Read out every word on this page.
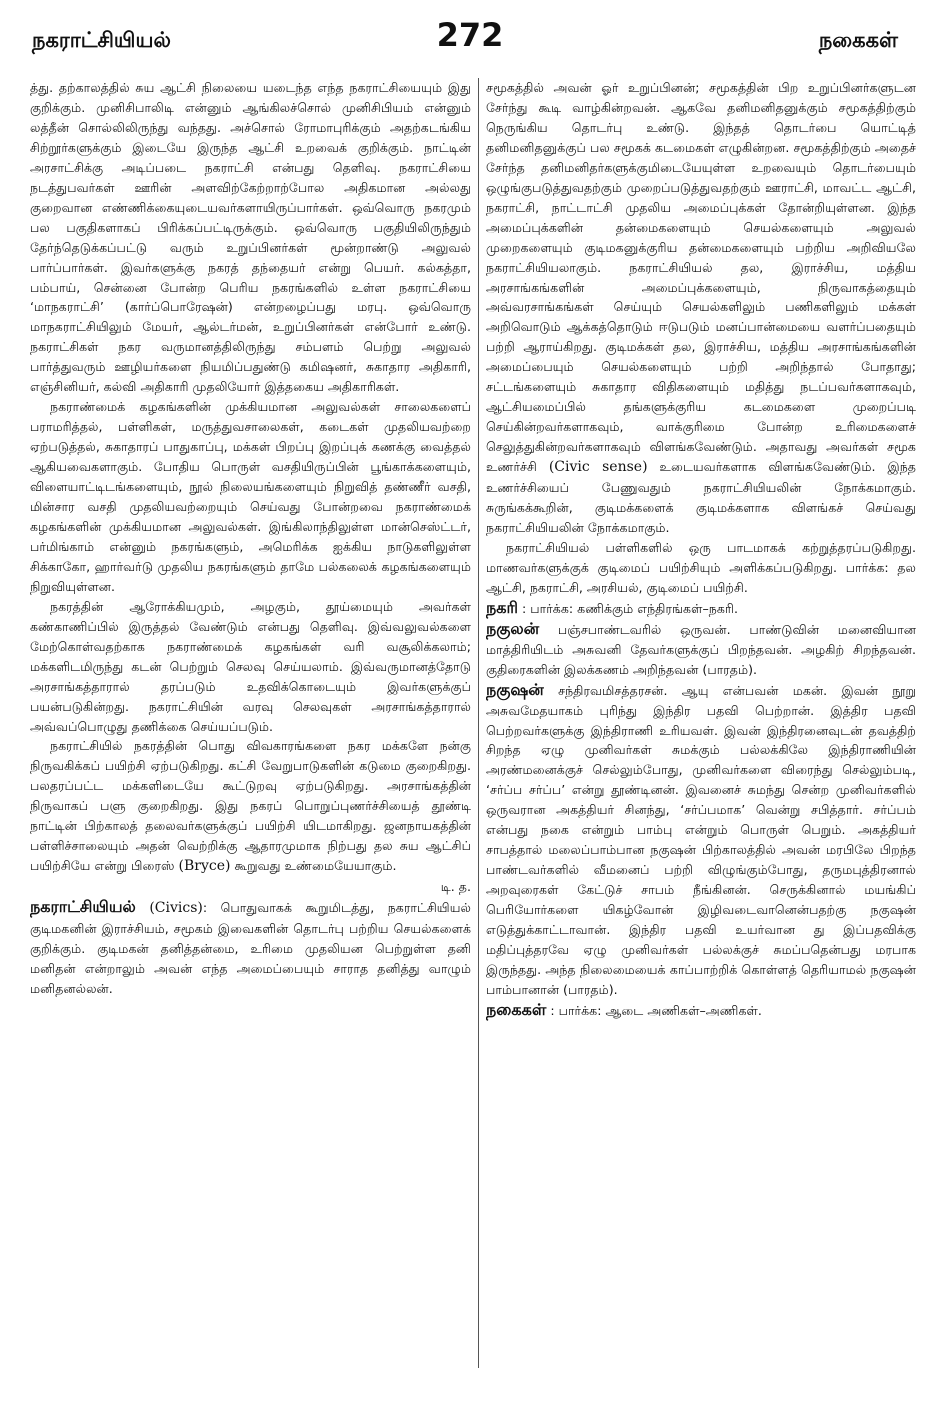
நகராட்சியியல்	272	நகைகள்

த்து. தற்காலத்தில் சுய ஆட்சி நிலையை யடைந்த எந்த நகராட்சியையும் இது குறிக்கும். முனிசிபாலிடி என்னும் ஆங்கிலச்சொல் முனிசிபியம் என்னும் லத்தீன் சொல்லிலிருந்து வந்தது. அச்சொல் ரோமாபுரிக்கும் அதற்கடங்கிய சிற்றூர்களுக்கும் இடையே இருந்த ஆட்சி உறவைக் குறிக்கும். நாட்டின் அரசாட்சிக்கு அடிப்படை நகராட்சி என்பது தெளிவு. நகராட்சியை நடத்துபவர்கள் ஊரின் அளவிற்கேற்றாற்போல அதிகமான அல்லது குறைவான எண்ணிக்கையுடையவர்களாயிருப்பார்கள். ஒவ்வொரு நகரமும் பல பகுதிகளாகப் பிரிக்கப்பட்டிருக்கும். ஒவ்வொரு பகுதியிலிருந்தும் தேர்ந்தெடுக்கப்பட்டு வரும் உறுப்பினர்கள் மூன்றாண்டு அலுவல் பார்ப்பார்கள். இவர்களுக்கு நகரத் தந்தையர் என்று பெயர். கல்கத்தா, பம்பாய், சென்னை போன்ற பெரிய நகரங்களில் உள்ள நகராட்சியை ‘மாநகராட்சி’ (கார்ப்பொரேஷன்) என்றழைப்பது மரபு. ஒவ்வொரு மாநகராட்சியிலும் மேயர், ஆல்டர்மன், உறுப்பினர்கள் என்போர் உண்டு. நகராட்சிகள் நகர வருமானத்திலிருந்து சம்பளம் பெற்று அலுவல் பார்த்துவரும் ஊழியர்களை நியமிப்பதுண்டு கமிஷனர், சுகாதார அதிகாரி, எஞ்சினியர், கல்வி அதிகாரி முதலியோர் இத்தகைய அதிகாரிகள்.

நகராண்மைக் கழகங்களின் முக்கியமான அலுவல்கள் சாலைகளைப் பராமரித்தல், பள்ளிகள், மருத்துவசாலைகள், கடைகள் முதலியவற்றை ஏற்படுத்தல், சுகாதாரப் பாதுகாப்பு, மக்கள் பிறப்பு இறப்புக் கணக்கு வைத்தல் ஆகியவைகளாகும். போதிய பொருள் வசதியிருப்பின் பூங்காக்களையும், விளையாட்டிடங்களையும், நூல் நிலையங்களையும் நிறுவித் தண்ணீர் வசதி, மின்சார வசதி முதலியவற்றையும் செய்வது போன்றவை நகராண்மைக் கழகங்களின் முக்கியமான அலுவல்கள். இங்கிலாந்திலுள்ள மான்செஸ்ட்டர், பர்மிங்காம் என்னும் நகரங்களும், அமெரிக்க ஐக்கிய நாடுகளிலுள்ள சிக்காகோ, ஹார்வர்டு முதலிய நகரங்களும் தாமே பல்கலைக் கழகங்களையும் நிறுவியுள்ளன.

நகரத்தின் ஆரோக்கியமும், அழகும், தூய்மையும் அவர்கள் கண்காணிப்பில் இருத்தல் வேண்டும் என்பது தெளிவு. இவ்வலுவல்களை மேற்கொள்வதற்காக நகராண்மைக் கழகங்கள் வரி வசூலிக்கலாம்; மக்களிடமிருந்து கடன் பெற்றும் செலவு செய்யலாம். இவ்வருமானத்தோடு அரசாங்கத்தாரால் தரப்படும் உதவிக்கொடையும் இவர்களுக்குப் பயன்படுகின்றது. நகராட்சியின் வரவு செலவுகள் அரசாங்கத்தாரால் அவ்வப்பொழுது தணிக்கை செய்யப்படும்.

நகராட்சியில் நகரத்தின் பொது விவகாரங்களை நகர மக்களே நன்கு நிருவகிக்கப் பயிற்சி ஏற்படுகிறது. கட்சி வேறுபாடுகளின் கடுமை குறைகிறது. பலதரப்பட்ட மக்களிடையே கூட்டுறவு ஏற்படுகிறது. அரசாங்கத்தின் நிருவாகப் பளு குறைகிறது. இது நகரப் பொறுப்புணர்ச்சியைத் தூண்டி நாட்டின் பிற்காலத் தலைவர்களுக்குப் பயிற்சி யிடமாகிறது. ஜனநாயகத்தின் பள்ளிச்சாலையும் அதன் வெற்றிக்கு ஆதாரமுமாக நிற்பது தல சுய ஆட்சிப் பயிற்சியே என்று பிரைஸ் (Bryce) கூறுவது உண்மையேயாகும்.
டி. த.

நகராட்சியியல் (Civics): பொதுவாகக் கூறுமிடத்து, நகராட்சியியல் குடிமகனின் இராச்சியம், சமூகம் இவைகளின் தொடர்பு பற்றிய செயல்களைக் குறிக்கும். குடிமகன் தனித்தன்மை, உரிமை முதலியன பெற்றுள்ள தனி மனிதன் என்றாலும் அவன் எந்த அமைப்பையும் சாராத தனித்து வாழும் மனிதனல்லன்.

சமூகத்தில் அவன் ஓர் உறுப்பினன்; சமூகத்தின் பிற உறுப்பினர்களுடன சேர்ந்து கூடி வாழ்கின்றவன். ஆகவே தனிமனிதனுக்கும் சமூகத்திற்கும் நெருங்கிய தொடர்பு உண்டு. இந்தத் தொடர்பை யொட்டித் தனிமனிதனுக்குப் பல சமூகக் கடமைகள் எழுகின்றன. சமூகத்திற்கும் அதைச் சேர்ந்த தனிமனிதர்களுக்குமிடையேயுள்ள உறவையும் தொடர்பையும் ஒழுங்குபடுத்துவதற்கும் முறைப்படுத்துவதற்கும் ஊராட்சி, மாவட்ட ஆட்சி, நகராட்சி, நாட்டாட்சி முதலிய அமைப்புக்கள் தோன்றியுள்ளன. இந்த அமைப்புக்களின் தன்மைகளையும் செயல்களையும் அலுவல் முறைகளையும் குடிமகனுக்குரிய தன்மைகளையும் பற்றிய அறிவியலே நகராட்சியியலாகும். நகராட்சியியல் தல, இராச்சிய, மத்திய அரசாங்கங்களின் அமைப்புக்களையும், நிருவாகத்தையும் அவ்வரசாங்கங்கள் செய்யும் செயல்களிலும் பணிகளிலும் மக்கள் அறிவொடும் ஆக்கத்தொடும் ஈடுபடும் மனப்பான்மையை வளர்ப்பதையும் பற்றி ஆராய்கிறது. குடிமக்கள் தல, இராச்சிய, மத்திய அரசாங்கங்களின் அமைப்பையும் செயல்களையும் பற்றி அறிந்தால் போதாது; சட்டங்களையும் சுகாதார விதிகளையும் மதித்து நடப்பவர்களாகவும், ஆட்சியமைப்பில் தங்களுக்குரிய கடமைகளை முறைப்படி செய்கின்றவர்களாகவும், வாக்குரிமை போன்ற உரிமைகளைச் செலுத்துகின்றவர்களாகவும் விளங்கவேண்டும். அதாவது அவர்கள் சமூக உணர்ச்சி (Civic sense) உடையவர்களாக விளங்கவேண்டும். இந்த உணர்ச்சியைப் பேணுவதும் நகராட்சியியலின் நோக்கமாகும். சுருங்கக்கூறின், குடிமக்களைக் குடிமக்களாக விளங்கச் செய்வது நகராட்சியியலின் நோக்கமாகும்.

நகராட்சியியல் பள்ளிகளில் ஒரு பாடமாகக் கற்றுத்தரப்படுகிறது. மாணவர்களுக்குக் குடிமைப் பயிற்சியும் அளிக்கப்படுகிறது. பார்க்க: தல ஆட்சி, நகராட்சி, அரசியல், குடிமைப் பயிற்சி.

நகரி : பார்க்க: கணிக்கும் எந்திரங்கள்–நகரி.

நகுலன் பஞ்சபாண்டவரில் ஒருவன். பாண்டுவின் மனைவியான மாத்திரியிடம் அசுவனி தேவர்களுக்குப் பிறந்தவன். அழகிற் சிறந்தவன். குதிரைகளின் இலக்கணம் அறிந்தவன் (பாரதம்).

நகுஷன் சந்திரவமிசத்தரசன். ஆயு என்பவன் மகன். இவன் நூறு அசுவமேதயாகம் புரிந்து இந்திர பதவி பெற்றான். இத்திர பதவி பெற்றவர்களுக்கு இந்திராணி உரியவள். இவன் இந்திரனைவுடன் தவத்திற் சிறந்த ஏழு முனிவர்கள் சுமக்கும் பல்லக்கிலே இந்திராணியின் அரண்மனைக்குச் செல்லும்போது, முனிவர்களை விரைந்து செல்லும்படி, ‘சர்ப்ப சர்ப்ப’ என்று தூண்டினன். இவனைச் சுமந்து சென்ற முனிவர்களில் ஒருவரான அகத்தியர் சினந்து, ‘சர்ப்பமாக’ வென்று சபித்தார். சர்ப்பம் என்பது நகை என்றும் பாம்பு என்றும் பொருள் பெறும். அகத்தியர் சாபத்தால் மலைப்பாம்பான நகுஷன் பிற்காலத்தில் அவன் மரபிலே பிறந்த பாண்டவர்களில் வீமனைப் பற்றி விழுங்கும்போது, தருமபுத்திரனால் அறவுரைகள் கேட்டுச் சாபம் நீங்கினன். செருக்கினால் மயங்கிப் பெரியோர்களை யிகழ்வோன் இழிவடைவானென்பதற்கு நகுஷன் எடுத்துக்காட்டாவான். இந்திர பதவி உயர்வான து இப்பதவிக்கு மதிப்புத்தரவே ஏழு முனிவர்கள் பல்லக்குச் சுமப்பதென்பது மரபாக இருந்தது. அந்த நிலைமையைக் காப்பாற்றிக் கொள்ளத் தெரியாமல் நகுஷன் பாம்பானான் (பாரதம்).

நகைகள் : பார்க்க: ஆடை அணிகள்–அணிகள்.
